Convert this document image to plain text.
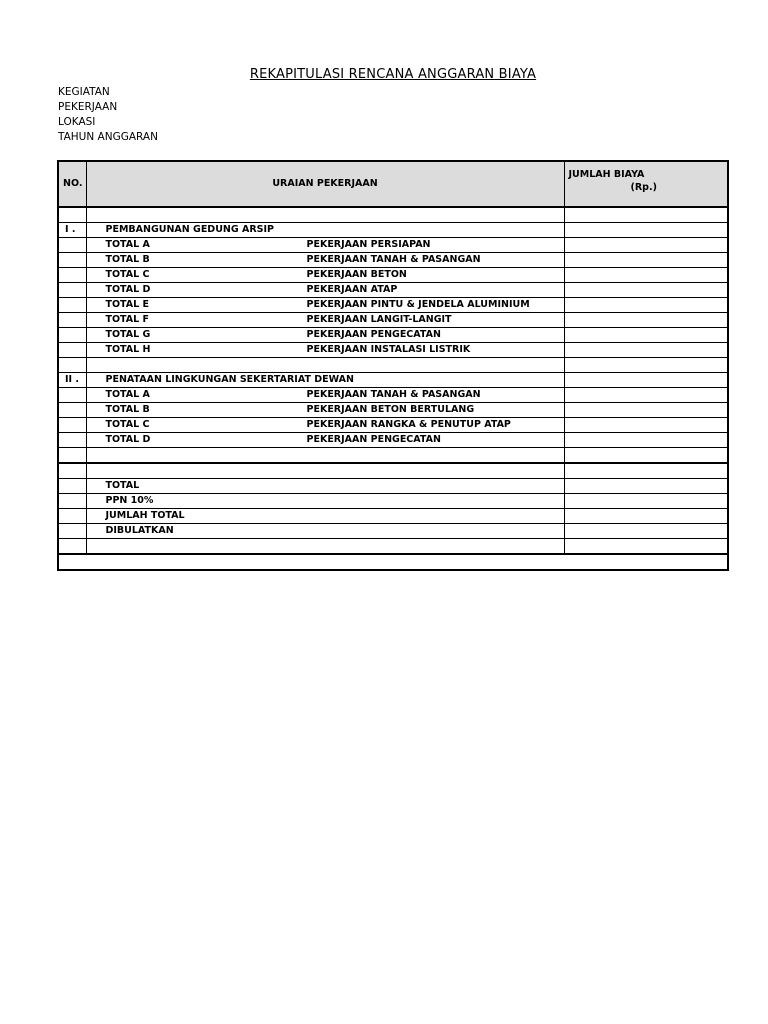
REKAPITULASI RENCANA ANGGARAN BIAYA
KEGIATAN
PEKERJAAN
LOKASI
TAHUN ANGGARAN
NO.	URAIAN PEKERJAAN	JUMLAH BIAYA
(Rp.)

I .	PEMBANGUNAN GEDUNG ARSIP	
	TOTAL A PEKERJAAN PERSIAPAN	
	TOTAL B PEKERJAAN TANAH & PASANGAN	
	TOTAL C PEKERJAAN BETON	
	TOTAL D PEKERJAAN ATAP	
	TOTAL E PEKERJAAN PINTU & JENDELA ALUMINIUM	
	TOTAL F PEKERJAAN LANGIT-LANGIT	
	TOTAL G PEKERJAAN PENGECATAN	
	TOTAL H PEKERJAAN INSTALASI LISTRIK	

II .	PENATAAN LINGKUNGAN SEKERTARIAT DEWAN	
	TOTAL A PEKERJAAN TANAH & PASANGAN	
	TOTAL B PEKERJAAN BETON BERTULANG	
	TOTAL C PEKERJAAN RANGKA & PENUTUP ATAP	
	TOTAL D PEKERJAAN PENGECATAN	

	TOTAL	
	PPN 10%	
	JUMLAH TOTAL	
	DIBULATKAN	
